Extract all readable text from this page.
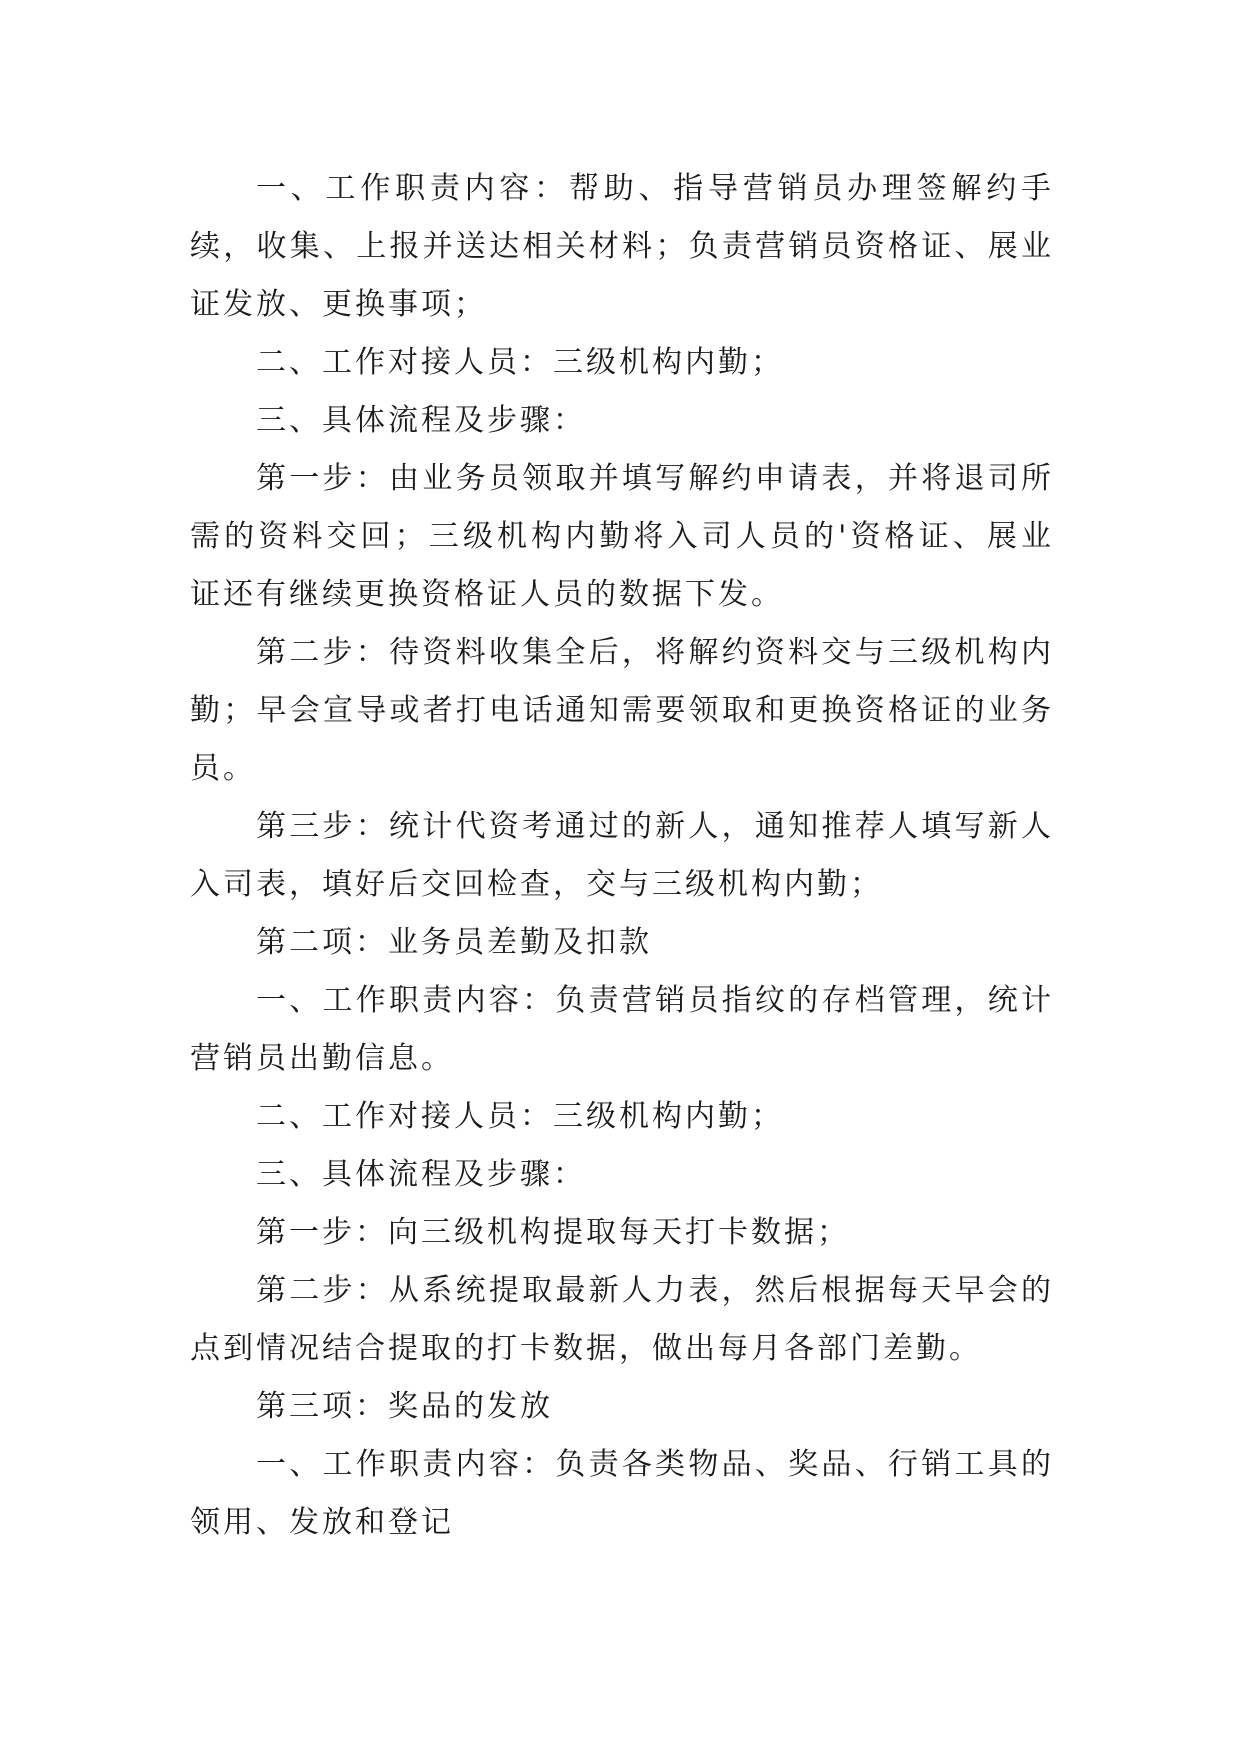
一、工作职责内容：帮助、指导营销员办理签解约手续，收集、上报并送达相关材料；负责营销员资格证、展业证发放、更换事项；

二、工作对接人员：三级机构内勤；

三、具体流程及步骤：

第一步：由业务员领取并填写解约申请表，并将退司所需的资料交回；三级机构内勤将入司人员的'资格证、展业证还有继续更换资格证人员的数据下发。

第二步：待资料收集全后，将解约资料交与三级机构内勤；早会宣导或者打电话通知需要领取和更换资格证的业务员。

第三步：统计代资考通过的新人，通知推荐人填写新人入司表，填好后交回检查，交与三级机构内勤；

第二项：业务员差勤及扣款

一、工作职责内容：负责营销员指纹的存档管理，统计营销员出勤信息。

二、工作对接人员：三级机构内勤；

三、具体流程及步骤：

第一步：向三级机构提取每天打卡数据；

第二步：从系统提取最新人力表，然后根据每天早会的点到情况结合提取的打卡数据，做出每月各部门差勤。

第三项：奖品的发放

一、工作职责内容：负责各类物品、奖品、行销工具的领用、发放和登记
